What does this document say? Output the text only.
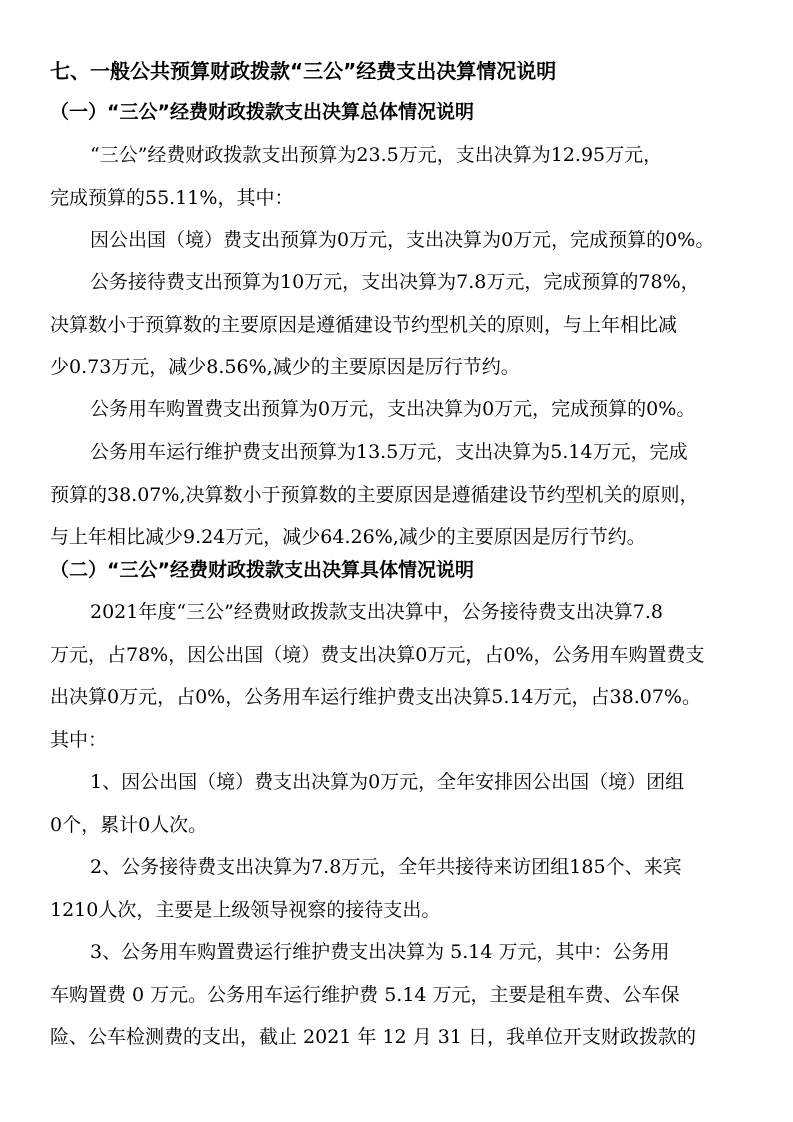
七、一般公共预算财政拨款“三公”经费支出决算情况说明
（一）“三公”经费财政拨款支出决算总体情况说明
“三公”经费财政拨款支出预算为23.5万元，支出决算为12.95万元，
完成预算的55.11%，其中：
因公出国（境）费支出预算为0万元，支出决算为0万元，完成预算的0%。
公务接待费支出预算为10万元，支出决算为7.8万元，完成预算的78%，
决算数小于预算数的主要原因是遵循建设节约型机关的原则，与上年相比减
少0.73万元，减少8.56%,减少的主要原因是厉行节约。
公务用车购置费支出预算为0万元，支出决算为0万元，完成预算的0%。
公务用车运行维护费支出预算为13.5万元，支出决算为5.14万元，完成
预算的38.07%,决算数小于预算数的主要原因是遵循建设节约型机关的原则，
与上年相比减少9.24万元，减少64.26%,减少的主要原因是厉行节约。
（二）“三公”经费财政拨款支出决算具体情况说明
2021年度“三公”经费财政拨款支出决算中，公务接待费支出决算7.8
万元，占78%，因公出国（境）费支出决算0万元，占0%，公务用车购置费支
出决算0万元，占0%，公务用车运行维护费支出决算5.14万元，占38.07%。
其中：
1、因公出国（境）费支出决算为0万元，全年安排因公出国（境）团组
0个，累计0人次。
2、公务接待费支出决算为7.8万元，全年共接待来访团组185个、来宾
1210人次，主要是上级领导视察的接待支出。
3、公务用车购置费运行维护费支出决算为 5.14 万元，其中：公务用
车购置费 0 万元。公务用车运行维护费 5.14 万元，主要是租车费、公车保
险、公车检测费的支出，截止 2021 年 12 月 31 日，我单位开支财政拨款的
